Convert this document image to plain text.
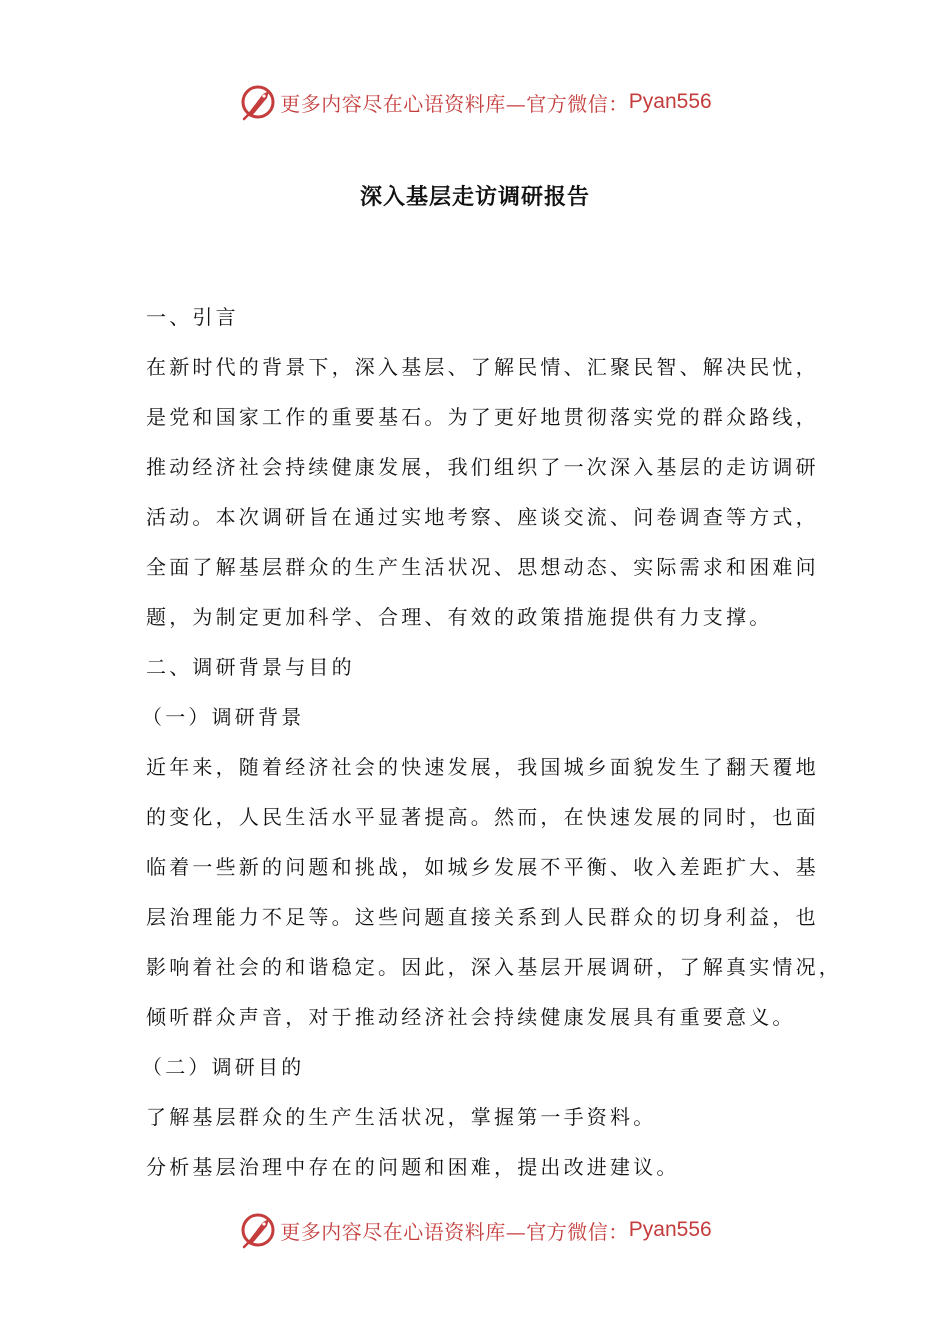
更多内容尽在心语资料库—官方微信： Pyan556
深入基层走访调研报告
一、引言
在新时代的背景下，深入基层、了解民情、汇聚民智、解决民忧，
是党和国家工作的重要基石。为了更好地贯彻落实党的群众路线，
推动经济社会持续健康发展，我们组织了一次深入基层的走访调研
活动。本次调研旨在通过实地考察、座谈交流、问卷调查等方式，
全面了解基层群众的生产生活状况、思想动态、实际需求和困难问
题，为制定更加科学、合理、有效的政策措施提供有力支撑。
二、调研背景与目的
（一）调研背景
近年来，随着经济社会的快速发展，我国城乡面貌发生了翻天覆地
的变化，人民生活水平显著提高。然而，在快速发展的同时，也面
临着一些新的问题和挑战，如城乡发展不平衡、收入差距扩大、基
层治理能力不足等。这些问题直接关系到人民群众的切身利益，也
影响着社会的和谐稳定。因此，深入基层开展调研，了解真实情况，
倾听群众声音，对于推动经济社会持续健康发展具有重要意义。
（二）调研目的
了解基层群众的生产生活状况，掌握第一手资料。
分析基层治理中存在的问题和困难，提出改进建议。
更多内容尽在心语资料库—官方微信： Pyan556
